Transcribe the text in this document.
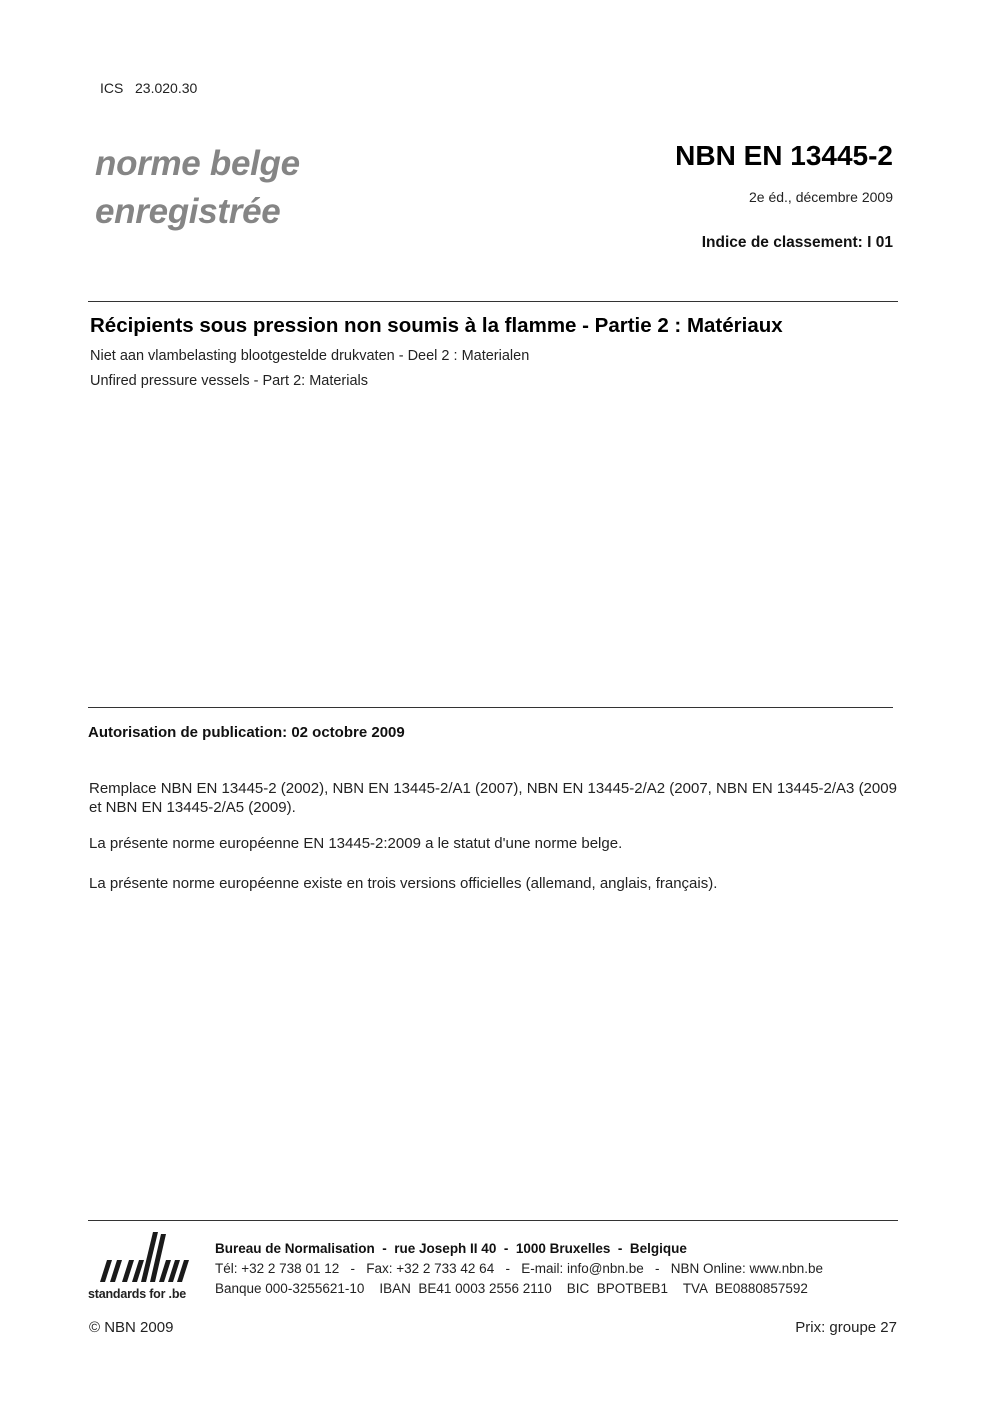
ICS   23.020.30
norme belge
enregistrée
NBN EN 13445-2
2e éd., décembre 2009
Indice de classement: I 01
Récipients sous pression non soumis à la flamme - Partie 2 : Matériaux
Niet aan vlambelasting blootgestelde drukvaten - Deel 2 : Materialen
Unfired pressure vessels - Part 2: Materials
Autorisation de publication: 02 octobre 2009
Remplace NBN EN 13445-2 (2002), NBN EN 13445-2/A1 (2007), NBN EN 13445-2/A2 (2007, NBN EN 13445-2/A3 (2009 et NBN EN 13445-2/A5 (2009).
La présente norme européenne EN 13445-2:2009 a le statut d'une norme belge.
La présente norme européenne existe en trois versions officielles (allemand, anglais, français).
standards for .be
Bureau de Normalisation  -  rue Joseph II 40  -  1000 Bruxelles  -  Belgique
Tél: +32 2 738 01 12   -   Fax: +32 2 733 42 64   -   E-mail: info@nbn.be   -   NBN Online: www.nbn.be
Banque 000-3255621-10    IBAN  BE41 0003 2556 2110    BIC  BPOTBEB1    TVA  BE0880857592
© NBN 2009	Prix: groupe 27
